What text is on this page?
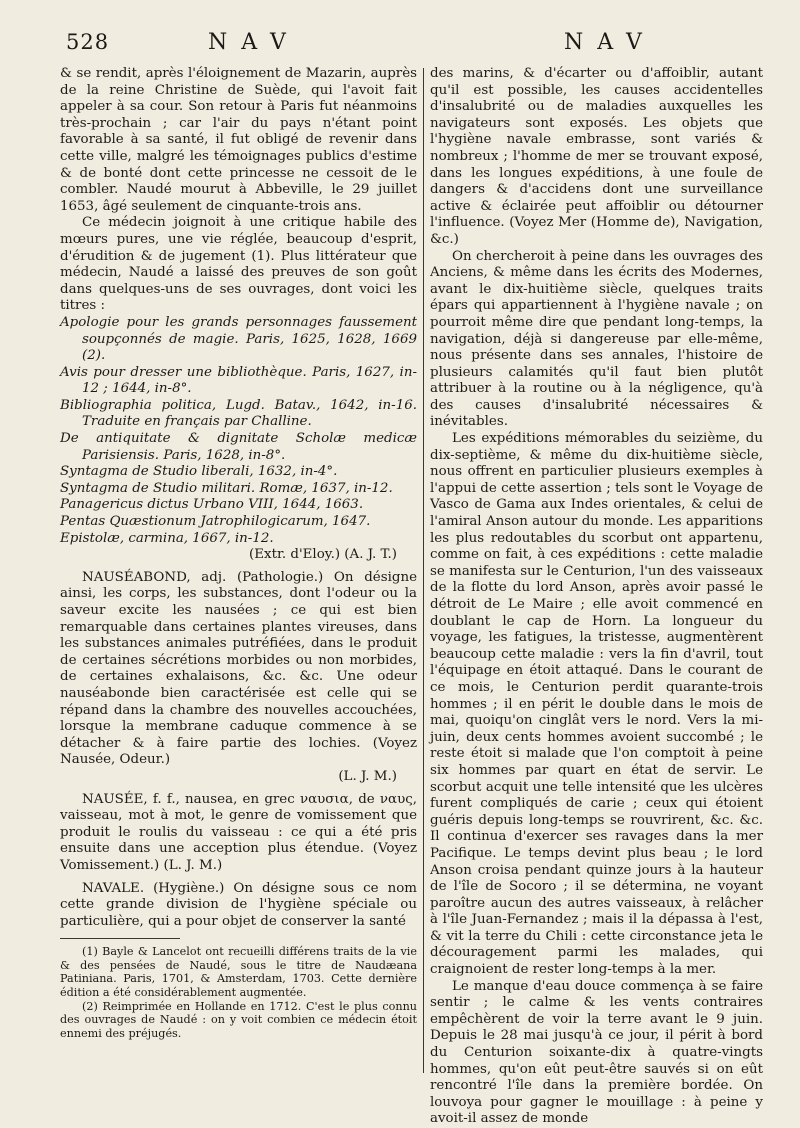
528	NAV	NAV

& se rendit, après l'éloignement de Mazarin, auprès de la reine Christine de Suède, qui l'avoit fait appeler à sa cour. Son retour à Paris fut néanmoins très-prochain ; car l'air du pays n'étant point favorable à sa santé, il fut obligé de revenir dans cette ville, malgré les témoignages publics d'estime & de bonté dont cette princesse ne cessoit de le combler. Naudé mourut à Abbeville, le 29 juillet 1653, âgé seulement de cinquante-trois ans.

Ce médecin joignoit à une critique habile des mœurs pures, une vie réglée, beaucoup d'esprit, d'érudition & de jugement (1). Plus littérateur que médecin, Naudé a laissé des preuves de son goût dans quelques-uns de ses ouvrages, dont voici les titres :

Apologie pour les grands personnages faussement soupçonnés de magie. Paris, 1625, 1628, 1669 (2).

Avis pour dresser une bibliothèque. Paris, 1627, in-12 ; 1644, in-8°.

Bibliographia politica, Lugd. Batav., 1642, in-16. Traduite en français par Challine.

De antiquitate & dignitate Scholæ medicæ Parisiensis. Paris, 1628, in-8°.

Syntagma de Studio liberali, 1632, in-4°.

Syntagma de Studio militari. Romæ, 1637, in-12.

Panagericus dictus Urbano VIII, 1644, 1663.

Pentas Quæstionum Jatrophilogicarum, 1647.

Epistolæ, carmina, 1667, in-12.

(Extr. d'Eloy.) (A. J. T.)

NAUSÉABOND, adj. (Pathologie.) On désigne ainsi, les corps, les substances, dont l'odeur ou la saveur excite les nausées ; ce qui est bien remarquable dans certaines plantes vireuses, dans les substances animales putréfiées, dans le produit de certaines sécrétions morbides ou non morbides, de certaines exhalaisons, &c. &c. Une odeur nauséabonde bien caractérisée est celle qui se répand dans la chambre des nouvelles accouchées, lorsque la membrane caduque commence à se détacher & à faire partie des lochies. (Voyez Nausée, Odeur.)

(L. J. M.)

NAUSÉE, f. f., nausea, en grec ναυσια, de ναυς, vaisseau, mot à mot, le genre de vomissement que produit le roulis du vaisseau : ce qui a été pris ensuite dans une acception plus étendue. (Voyez Vomissement.) (L. J. M.)

NAVALE. (Hygiène.) On désigne sous ce nom cette grande division de l'hygiène spéciale ou particulière, qui a pour objet de conserver la santé

(1) Bayle & Lancelot ont recueilli différens traits de la vie & des pensées de Naudé, sous le titre de Naudæana Patiniana. Paris, 1701, & Amsterdam, 1703. Cette dernière édition a été considérablement augmentée.

(2) Reimprimée en Hollande en 1712. C'est le plus connu des ouvrages de Naudé : on y voit combien ce médecin étoit ennemi des préjugés.

des marins, & d'écarter ou d'affoiblir, autant qu'il est possible, les causes accidentelles d'insalubrité ou de maladies auxquelles les navigateurs sont exposés. Les objets que l'hygiène navale embrasse, sont variés & nombreux ; l'homme de mer se trouvant exposé, dans les longues expéditions, à une foule de dangers & d'accidens dont une surveillance active & éclairée peut affoiblir ou détourner l'influence. (Voyez Mer (Homme de), Navigation, &c.)

On chercheroit à peine dans les ouvrages des Anciens, & même dans les écrits des Modernes, avant le dix-huitième siècle, quelques traits épars qui appartiennent à l'hygiène navale ; on pourroit même dire que pendant long-temps, la navigation, déjà si dangereuse par elle-même, nous présente dans ses annales, l'histoire de plusieurs calamités qu'il faut bien plutôt attribuer à la routine ou à la négligence, qu'à des causes d'insalubrité nécessaires & inévitables.

Les expéditions mémorables du seizième, du dix-septième, & même du dix-huitième siècle, nous offrent en particulier plusieurs exemples à l'appui de cette assertion ; tels sont le Voyage de Vasco de Gama aux Indes orientales, & celui de l'amiral Anson autour du monde. Les apparitions les plus redoutables du scorbut ont appartenu, comme on fait, à ces expéditions : cette maladie se manifesta sur le Centurion, l'un des vaisseaux de la flotte du lord Anson, après avoir passé le détroit de Le Maire ; elle avoit commencé en doublant le cap de Horn. La longueur du voyage, les fatigues, la tristesse, augmentèrent beaucoup cette maladie : vers la fin d'avril, tout l'équipage en étoit attaqué. Dans le courant de ce mois, le Centurion perdit quarante-trois hommes ; il en périt le double dans le mois de mai, quoiqu'on cinglât vers le nord. Vers la mi-juin, deux cents hommes avoient succombé ; le reste étoit si malade que l'on comptoit à peine six hommes par quart en état de servir. Le scorbut acquit une telle intensité que les ulcères furent compliqués de carie ; ceux qui étoient guéris depuis long-temps se rouvrirent, &c. &c. Il continua d'exercer ses ravages dans la mer Pacifique. Le temps devint plus beau ; le lord Anson croisa pendant quinze jours à la hauteur de l'île de Socoro ; il se détermina, ne voyant paroître aucun des autres vaisseaux, à relâcher à l'île Juan-Fernandez ; mais il la dépassa à l'est, & vit la terre du Chili : cette circonstance jeta le découragement parmi les malades, qui craignoient de rester long-temps à la mer.

Le manque d'eau douce commença à se faire sentir ; le calme & les vents contraires empêchèrent de voir la terre avant le 9 juin. Depuis le 28 mai jusqu'à ce jour, il périt à bord du Centurion soixante-dix à quatre-vingts hommes, qu'on eût peut-être sauvés si on eût rencontré l'île dans la première bordée. On louvoya pour gagner le mouillage : à peine y avoit-il assez de monde
